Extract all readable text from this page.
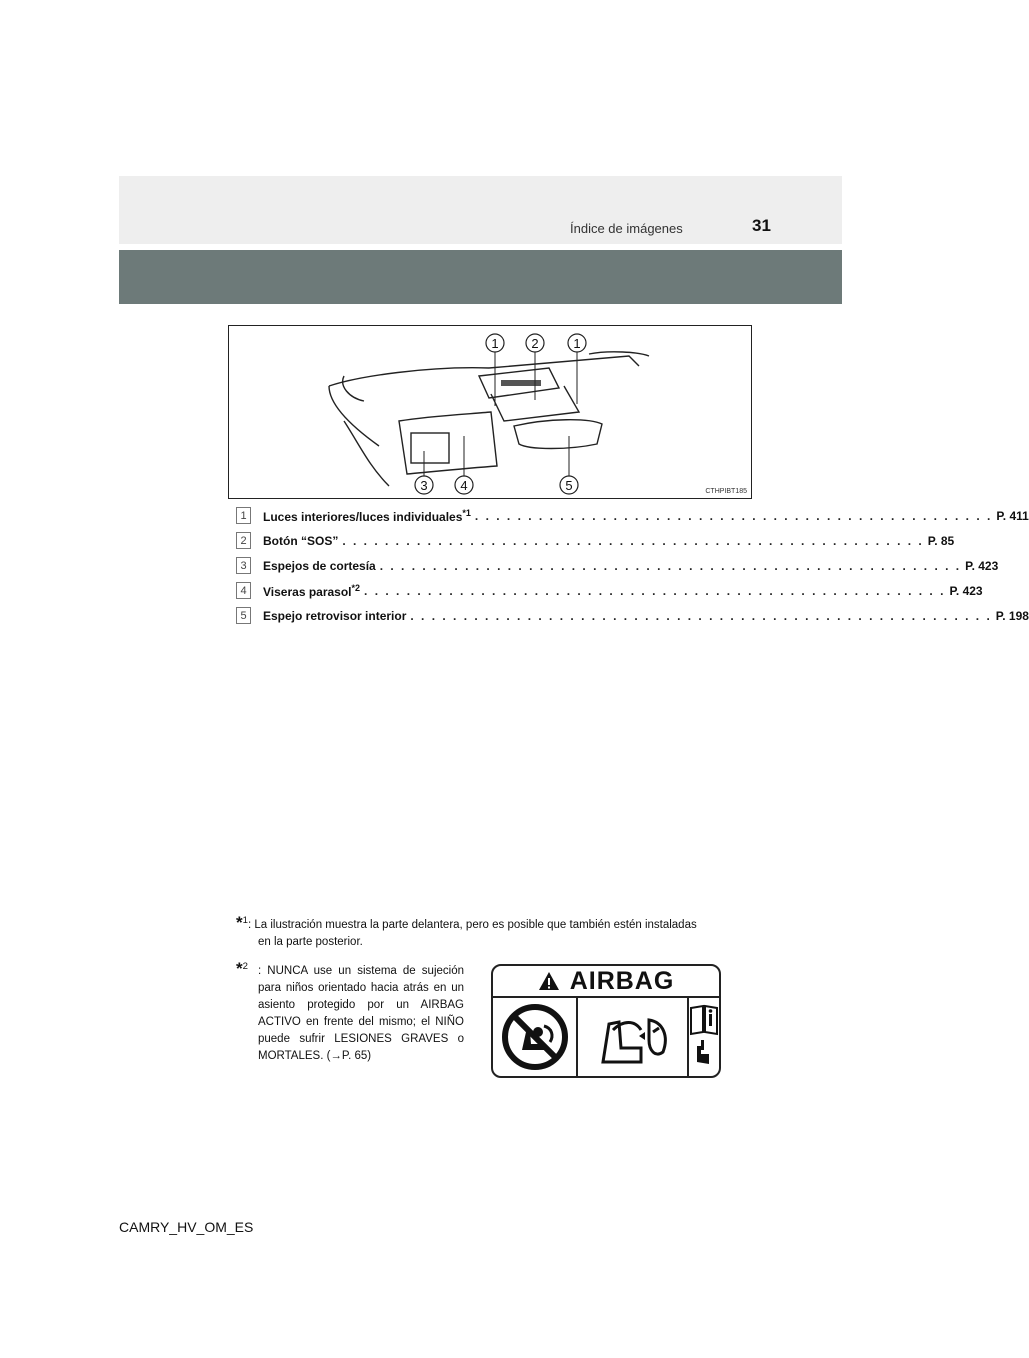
Índice de imágenes	31
1	2	1
3	4	5	CTHPIBT185
1	Luces interiores/luces individuales$^{*1}$ . . . . . . . . . . . . . . . . . . . . . . . . . . . . . . . . . . . . . . . . . . . . . . . . . P. 411
2	Botón “SOS” . . . . . . . . . . . . . . . . . . . . . . . . . . . . . . . . . . . . . . . . . . . . . . . . . . . . . . . P. 85
3	Espejos de cortesía . . . . . . . . . . . . . . . . . . . . . . . . . . . . . . . . . . . . . . . . . . . . . . . . . . . . . . . P. 423
4	Viseras parasol$^{*2}$ . . . . . . . . . . . . . . . . . . . . . . . . . . . . . . . . . . . . . . . . . . . . . . . . . . . . . . . P. 423
5	Espejo retrovisor interior . . . . . . . . . . . . . . . . . . . . . . . . . . . . . . . . . . . . . . . . . . . . . . . . . . . . . . . P. 198
*$^1$: La ilustración muestra la parte delantera, pero es posible que también estén instaladas
en la parte posterior.
*$^2$ : NUNCA use un sistema de sujeción para niños orientado hacia atrás en un asiento protegido por un AIRBAG ACTIVO en frente del mismo; el NIÑO puede sufrir LESIONES GRAVES o MORTALES. (→P. 65)
AIRBAG
CAMRY_HV_OM_ES
